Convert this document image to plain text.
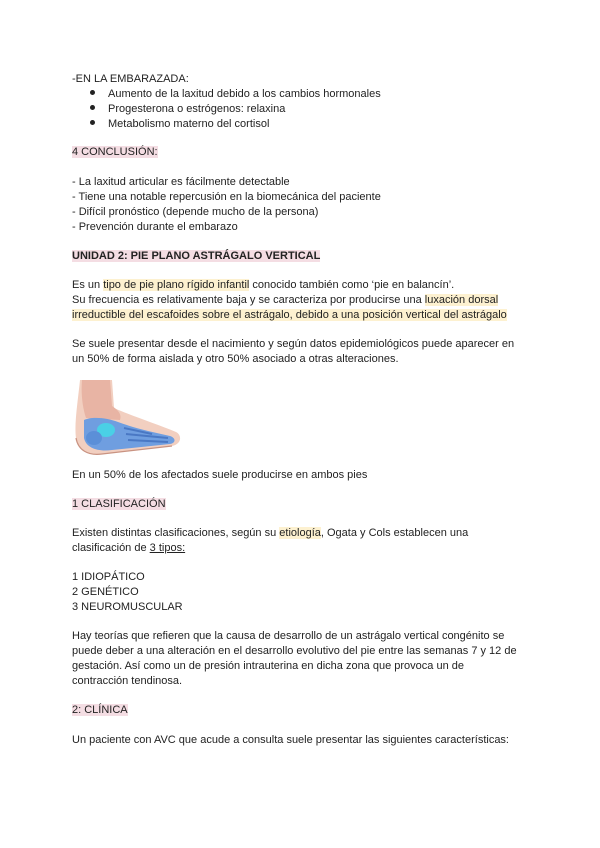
-EN LA EMBARAZADA:
Aumento de la laxitud debido a los cambios hormonales
Progesterona o estrógenos: relaxina
Metabolismo materno del cortisol
4 CONCLUSIÓN:
- La laxitud articular es fácilmente detectable
- Tiene una notable repercusión en la biomecánica del paciente
- Difícil pronóstico (depende mucho de la persona)
- Prevención durante el embarazo
UNIDAD 2: PIE PLANO ASTRÁGALO VERTICAL
Es un tipo de pie plano rígido infantil conocido también como ‘pie en balancín’.
Su frecuencia es relativamente baja y se caracteriza por producirse una luxación dorsal
irreductible del escafoides sobre el astrágalo, debido a una posición vertical del astrágalo
Se suele presentar desde el nacimiento y según datos epidemiológicos puede aparecer en
un 50% de forma aislada y otro 50% asociado a otras alteraciones.
En un 50% de los afectados suele producirse en ambos pies
1 CLASIFICACIÓN
Existen distintas clasificaciones, según su etiología, Ogata y Cols establecen una
clasificación de 3 tipos:
1 IDIOPÁTICO
2 GENÉTICO
3 NEUROMUSCULAR
Hay teorías que refieren que la causa de desarrollo de un astrágalo vertical congénito se
puede deber a una alteración en el desarrollo evolutivo del pie entre las semanas 7 y 12 de
gestación. Así como un de presión intrauterina en dicha zona que provoca un de
contracción tendinosa.
2: CLÍNICA
Un paciente con AVC que acude a consulta suele presentar las siguientes características:
